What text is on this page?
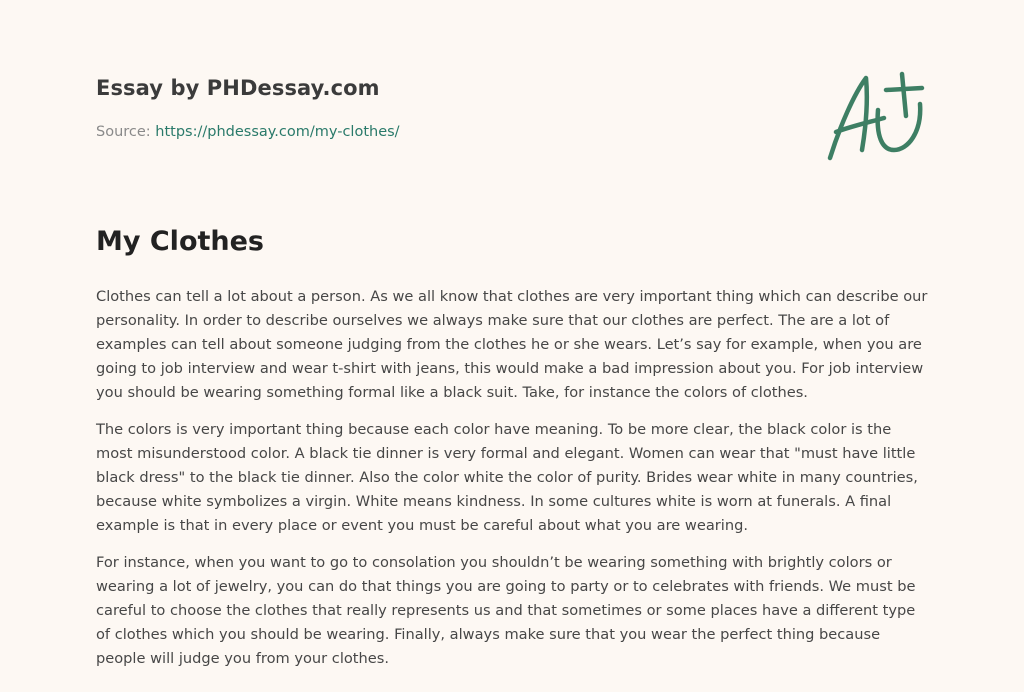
Essay by PHDessay.com
Source: https://phdessay.com/my-clothes/
My Clothes

Clothes can tell a lot about a person. As we all know that clothes are very important thing which can describe our personality. In order to describe ourselves we always make sure that our clothes are perfect. The are a lot of examples can tell about someone judging from the clothes he or she wears. Let’s say for example, when you are going to job interview and wear t-shirt with jeans, this would make a bad impression about you. For job interview you should be wearing something formal like a black suit. Take, for instance the colors of clothes.

The colors is very important thing because each color have meaning. To be more clear, the black color is the most misunderstood color. A black tie dinner is very formal and elegant. Women can wear that "must have little black dress" to the black tie dinner. Also the color white the color of purity. Brides wear white in many countries, because white symbolizes a virgin. White means kindness. In some cultures white is worn at funerals. A final example is that in every place or event you must be careful about what you are wearing.

For instance, when you want to go to consolation you shouldn’t be wearing something with brightly colors or wearing a lot of jewelry, you can do that things you are going to party or to celebrates with friends. We must be careful to choose the clothes that really represents us and that sometimes or some places have a different type of clothes which you should be wearing. Finally, always make sure that you wear the perfect thing because people will judge you from your clothes.
